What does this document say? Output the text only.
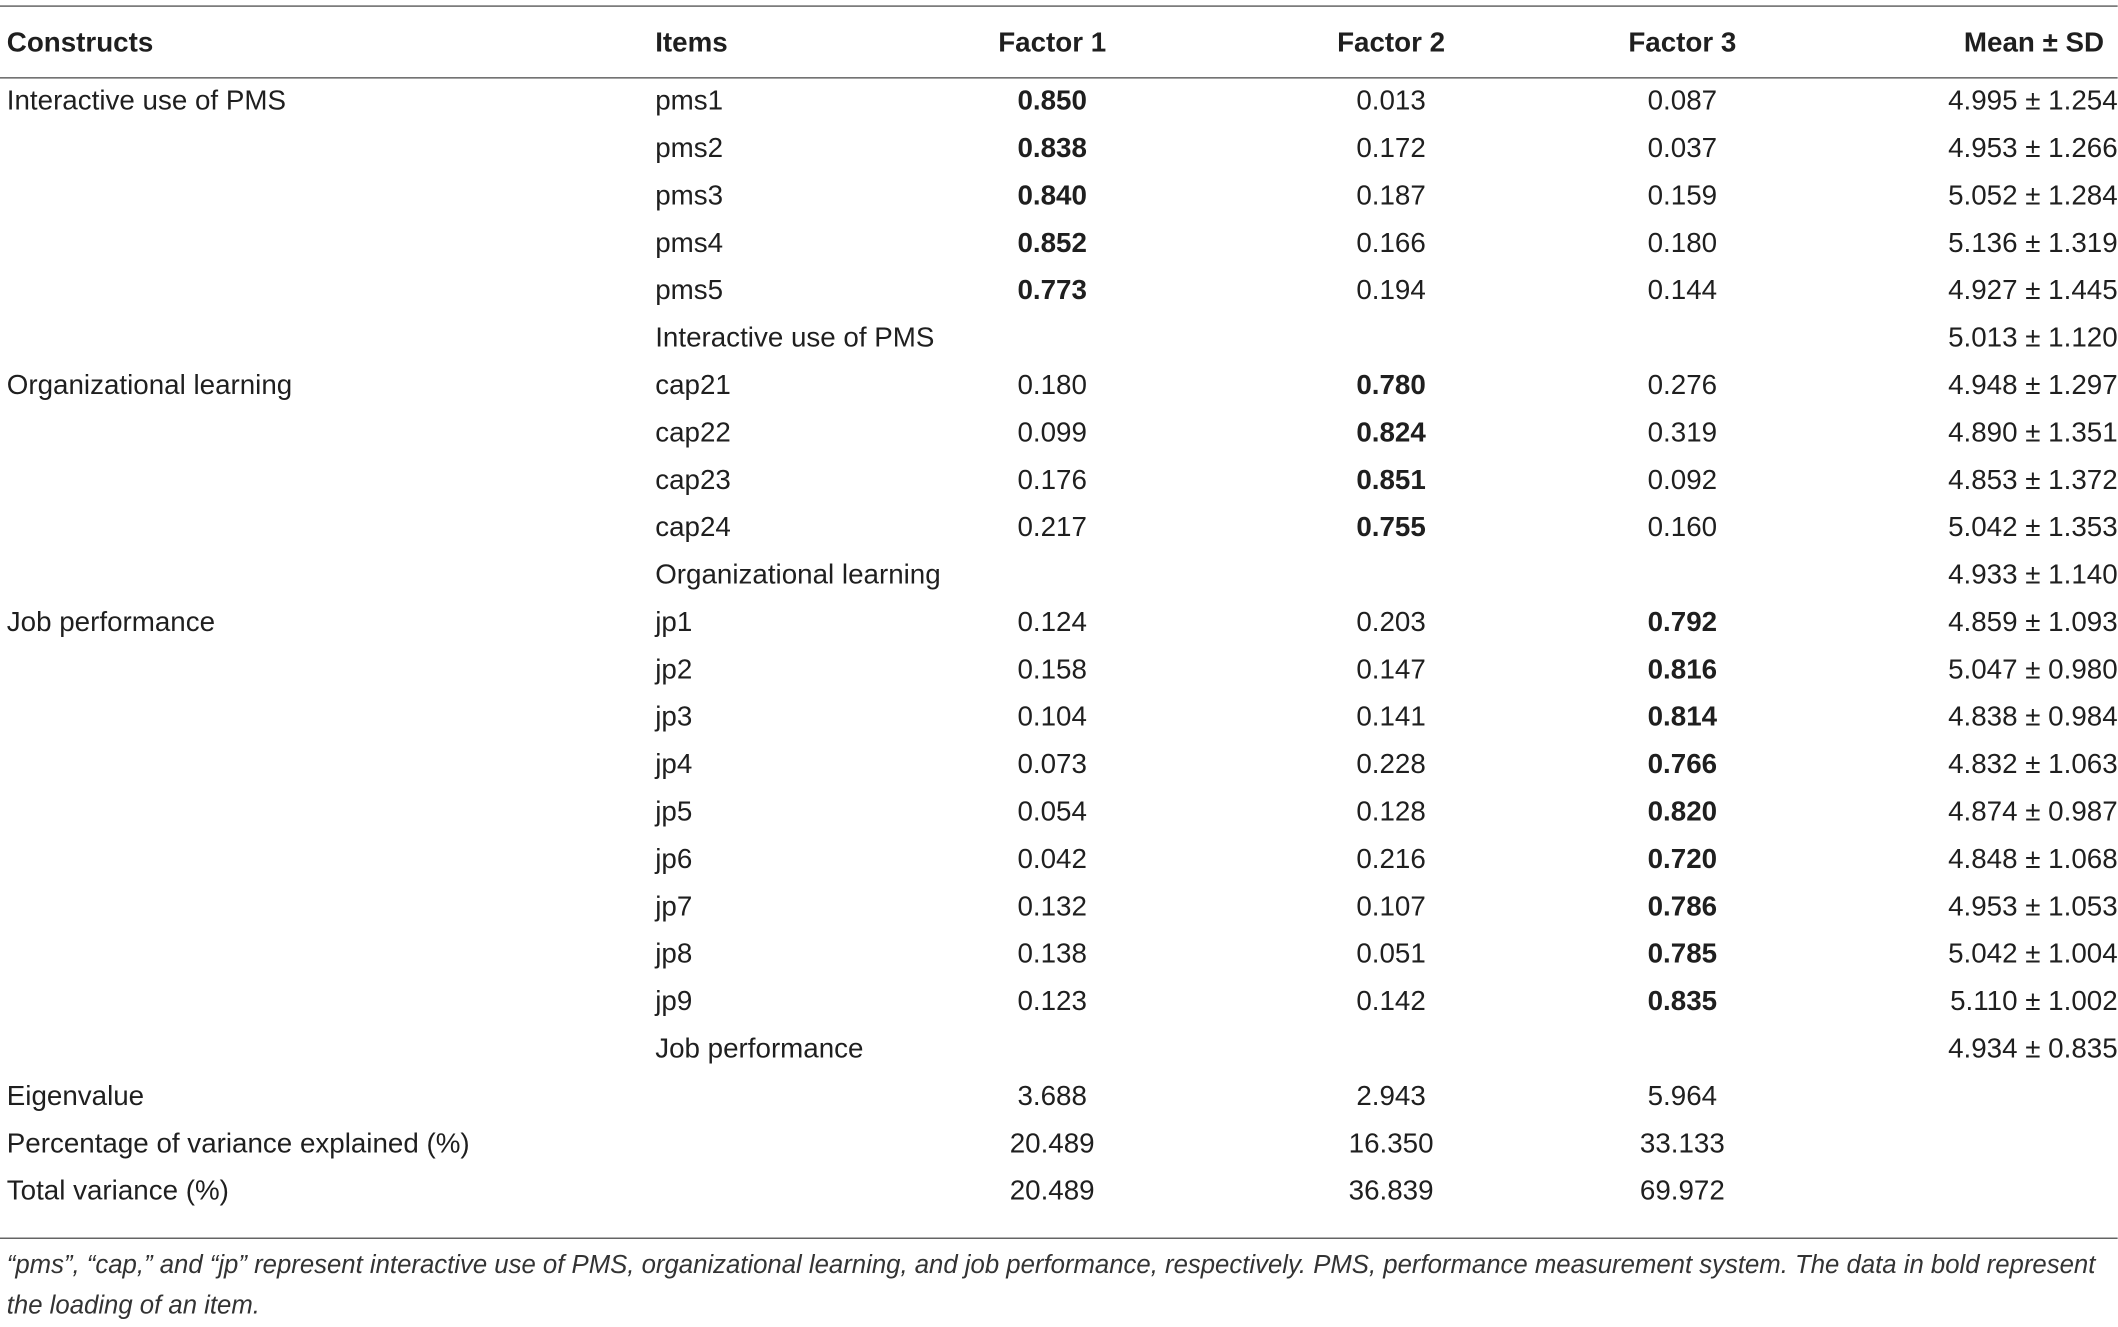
Constructs	Items	Factor 1	Factor 2	Factor 3	Mean ± SD

Interactive use of PMS	pms1	0.850	0.013	0.087	4.995 ± 1.254
	pms2	0.838	0.172	0.037	4.953 ± 1.266
	pms3	0.840	0.187	0.159	5.052 ± 1.284
	pms4	0.852	0.166	0.180	5.136 ± 1.319
	pms5	0.773	0.194	0.144	4.927 ± 1.445
	Interactive use of PMS				5.013 ± 1.120
Organizational learning	cap21	0.180	0.780	0.276	4.948 ± 1.297
	cap22	0.099	0.824	0.319	4.890 ± 1.351
	cap23	0.176	0.851	0.092	4.853 ± 1.372
	cap24	0.217	0.755	0.160	5.042 ± 1.353
	Organizational learning				4.933 ± 1.140
Job performance	jp1	0.124	0.203	0.792	4.859 ± 1.093
	jp2	0.158	0.147	0.816	5.047 ± 0.980
	jp3	0.104	0.141	0.814	4.838 ± 0.984
	jp4	0.073	0.228	0.766	4.832 ± 1.063
	jp5	0.054	0.128	0.820	4.874 ± 0.987
	jp6	0.042	0.216	0.720	4.848 ± 1.068
	jp7	0.132	0.107	0.786	4.953 ± 1.053
	jp8	0.138	0.051	0.785	5.042 ± 1.004
	jp9	0.123	0.142	0.835	5.110 ± 1.002
	Job performance				4.934 ± 0.835
Eigenvalue		3.688	2.943	5.964	
Percentage of variance explained (%)		20.489	16.350	33.133	
Total variance (%)		20.489	36.839	69.972	
“pms”, “cap,” and “jp” represent interactive use of PMS, organizational learning, and job performance, respectively. PMS, performance measurement system. The data in bold represent the loading of an item.
